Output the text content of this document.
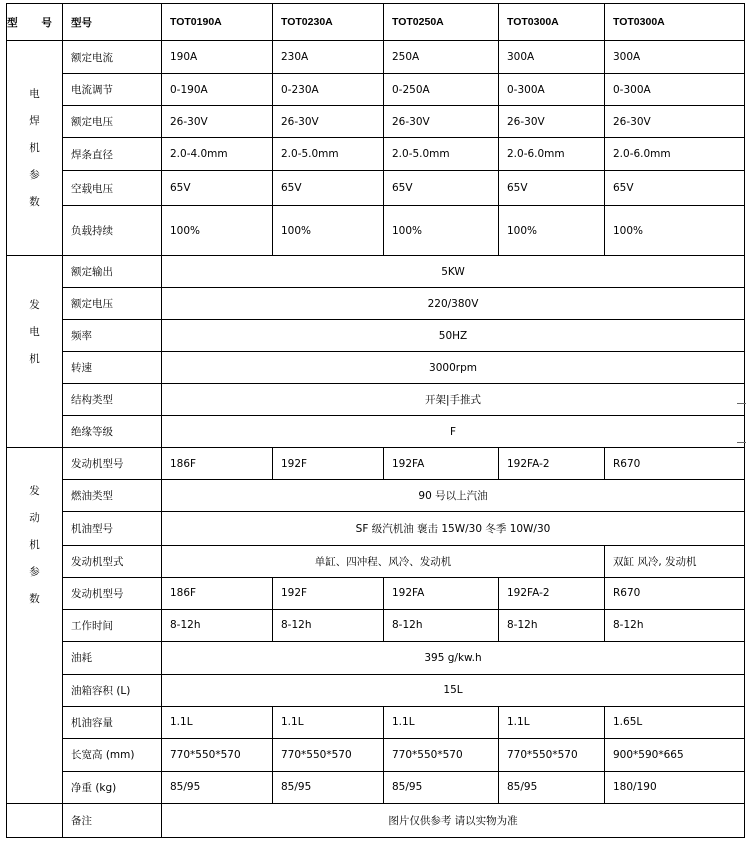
型 号	型号	TOT0190A	TOT0230A	TOT0250A	TOT0300A	TOT0300A

电
焊
机
参
数	额定电流	190A	230A	250A	300A	300A
	电流调节	0-190A	0-230A	0-250A	0-300A	0-300A
	额定电压	26-30V	26-30V	26-30V	26-30V	26-30V
	焊条直径	2.0-4.0mm	2.0-5.0mm	2.0-5.0mm	2.0-6.0mm	2.0-6.0mm
	空载电压	65V	65V	65V	65V	65V
	负载持续	100%	100%	100%	100%	100%

发
电
机	额定输出	5KW				
	额定电压	220/380V				
	频率	50HZ				
	转速	3000rpm				
	结构类型	开架|手推式				
	绝缘等级	F				

发
动
机
参
数	发动机型号	186F	192F	192FA	192FA-2	R670
	燃油类型	90 号以上汽油				
	机油型号	SF 级汽机油 褒击 15W/30 冬季 10W/30				
	发动机型式	单缸、四冲程、风冷、发动机				双缸 风冷, 发动机
	发动机型号	186F	192F	192FA	192FA-2	R670
	工作时间	8-12h	8-12h	8-12h	8-12h	8-12h
	油耗	395 g/kw.h				
	油箱容积 (L)	15L				
	机油容量	1.1L	1.1L	1.1L	1.1L	1.65L
	长宽高 (mm)	770*550*570	770*550*570	770*550*570	770*550*570	900*590*665
	净重 (kg)	85/95	85/95	85/95	85/95	180/190
	备注	图片仅供参考 请以实物为准				
